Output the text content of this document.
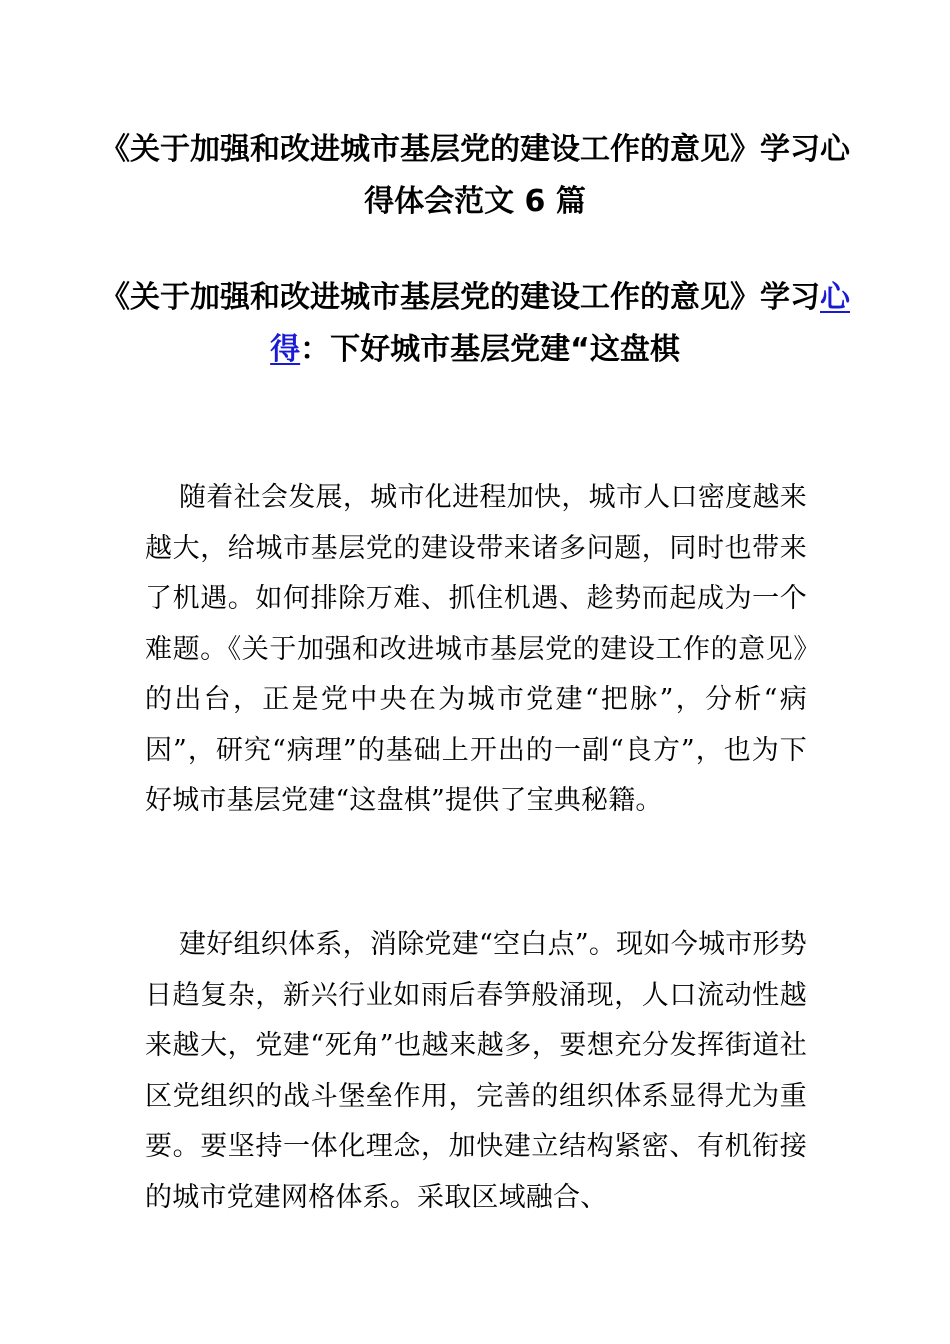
《关于加强和改进城市基层党的建设工作的意见》学习心得体会范文 6 篇
《关于加强和改进城市基层党的建设工作的意见》学习心得：下好城市基层党建“这盘棋

随着社会发展，城市化进程加快，城市人口密度越来越大，给城市基层党的建设带来诸多问题，同时也带来了机遇。如何排除万难、抓住机遇、趁势而起成为一个难题。《关于加强和改进城市基层党的建设工作的意见》的出台，正是党中央在为城市党建“把脉”，分析“病因”，研究“病理”的基础上开出的一副“良方”，也为下好城市基层党建“这盘棋”提供了宝典秘籍。

建好组织体系，消除党建“空白点”。现如今城市形势日趋复杂，新兴行业如雨后春笋般涌现，人口流动性越来越大，党建“死角”也越来越多，要想充分发挥街道社区党组织的战斗堡垒作用，完善的组织体系显得尤为重要。要坚持一体化理念，加快建立结构紧密、有机衔接的城市党建网格体系。采取区域融合、
